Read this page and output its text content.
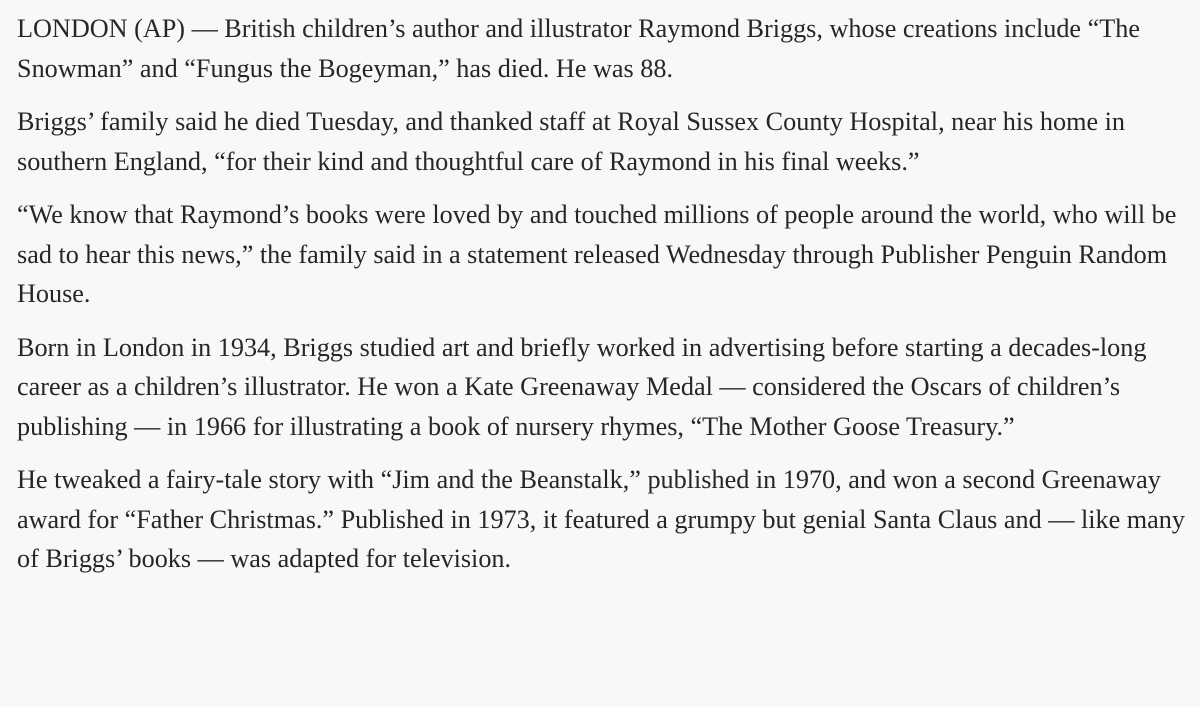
LONDON (AP) — British children’s author and illustrator Raymond Briggs, whose creations include “The Snowman” and “Fungus the Bogeyman,” has died. He was 88.

Briggs’ family said he died Tuesday, and thanked staff at Royal Sussex County Hospital, near his home in southern England, “for their kind and thoughtful care of Raymond in his final weeks.”

“We know that Raymond’s books were loved by and touched millions of people around the world, who will be sad to hear this news,” the family said in a statement released Wednesday through Publisher Penguin Random House.

Born in London in 1934, Briggs studied art and briefly worked in advertising before starting a decades-long career as a children’s illustrator. He won a Kate Greenaway Medal — considered the Oscars of children’s publishing — in 1966 for illustrating a book of nursery rhymes, “The Mother Goose Treasury.”

He tweaked a fairy-tale story with “Jim and the Beanstalk,” published in 1970, and won a second Greenaway award for “Father Christmas.” Published in 1973, it featured a grumpy but genial Santa Claus and — like many of Briggs’ books — was adapted for television.
